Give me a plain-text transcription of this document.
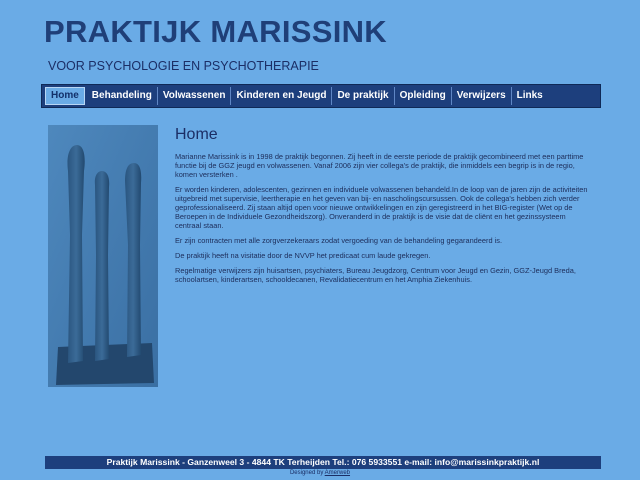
PRAKTIJK MARISSINK
VOOR PSYCHOLOGIE EN PSYCHOTHERAPIE
Home	Behandeling	Volwassenen	Kinderen en Jeugd	De praktijk	Opleiding	Verwijzers	Links
Home

Marianne Marissink is in 1998 de praktijk begonnen. Zij heeft in de eerste periode de praktijk gecombineerd met een parttime functie bij de GGZ jeugd en volwassenen. Vanaf 2006 zijn vier collega's de praktijk, die inmiddels een begrip is in de regio, komen versterken .

Er worden kinderen, adolescenten, gezinnen en individuele volwassenen behandeld.In de loop van de jaren zijn de activiteiten uitgebreid met supervisie, leertherapie en het geven van bij- en nascholingscursussen. Ook de collega's hebben zich verder geprofessionaliseerd. Zij staan altijd open voor nieuwe ontwikkelingen en zijn geregistreerd in het BIG-register (Wet op de Beroepen in de Individuele Gezondheidszorg). Onveranderd in de praktijk is de visie dat de cliënt en het gezinssysteem centraal staan.

Er zijn contracten met alle zorgverzekeraars zodat vergoeding van de behandeling gegarandeerd is.

De praktijk heeft na visitatie door de NVVP het predicaat cum laude gekregen.

Regelmatige verwijzers zijn huisartsen, psychiaters, Bureau Jeugdzorg, Centrum voor Jeugd en Gezin, GGZ-Jeugd Breda, schoolartsen, kinderartsen, schooldecanen, Revalidatiecentrum en het Amphia Ziekenhuis.

Praktijk Marissink - Ganzenweel 3 - 4844 TK Terheijden Tel.: 076 5933551 e-mail: info@marissinkpraktijk.nl
Designed by Amerweb
